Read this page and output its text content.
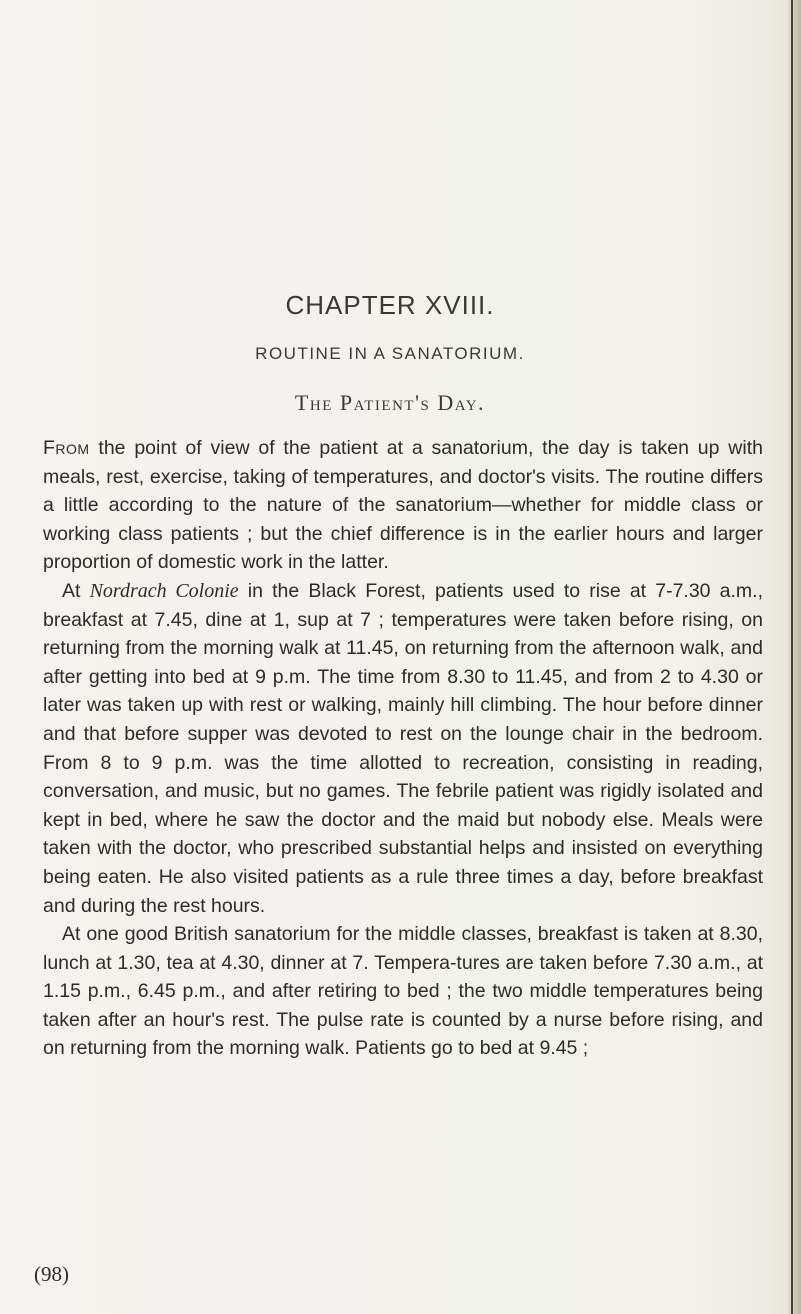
CHAPTER XVIII.
ROUTINE IN A SANATORIUM.
The Patient's Day.

From the point of view of the patient at a sanatorium, the day is taken up with meals, rest, exercise, taking of temperatures, and doctor's visits. The routine differs a little according to the nature of the sanatorium—whether for middle class or working class patients ; but the chief difference is in the earlier hours and larger proportion of domestic work in the latter.

At Nordrach Colonie in the Black Forest, patients used to rise at 7-7.30 a.m., breakfast at 7.45, dine at 1, sup at 7 ; temperatures were taken before rising, on returning from the morning walk at 11.45, on returning from the afternoon walk, and after getting into bed at 9 p.m. The time from 8.30 to 11.45, and from 2 to 4.30 or later was taken up with rest or walking, mainly hill climbing. The hour before dinner and that before supper was devoted to rest on the lounge chair in the bedroom. From 8 to 9 p.m. was the time allotted to recreation, consisting in reading, conversation, and music, but no games. The febrile patient was rigidly isolated and kept in bed, where he saw the doctor and the maid but nobody else. Meals were taken with the doctor, who prescribed substantial helps and insisted on everything being eaten. He also visited patients as a rule three times a day, before breakfast and during the rest hours.

At one good British sanatorium for the middle classes, breakfast is taken at 8.30, lunch at 1.30, tea at 4.30, dinner at 7. Tempera-tures are taken before 7.30 a.m., at 1.15 p.m., 6.45 p.m., and after retiring to bed ; the two middle temperatures being taken after an hour's rest. The pulse rate is counted by a nurse before rising, and on returning from the morning walk. Patients go to bed at 9.45 ;

(98)
